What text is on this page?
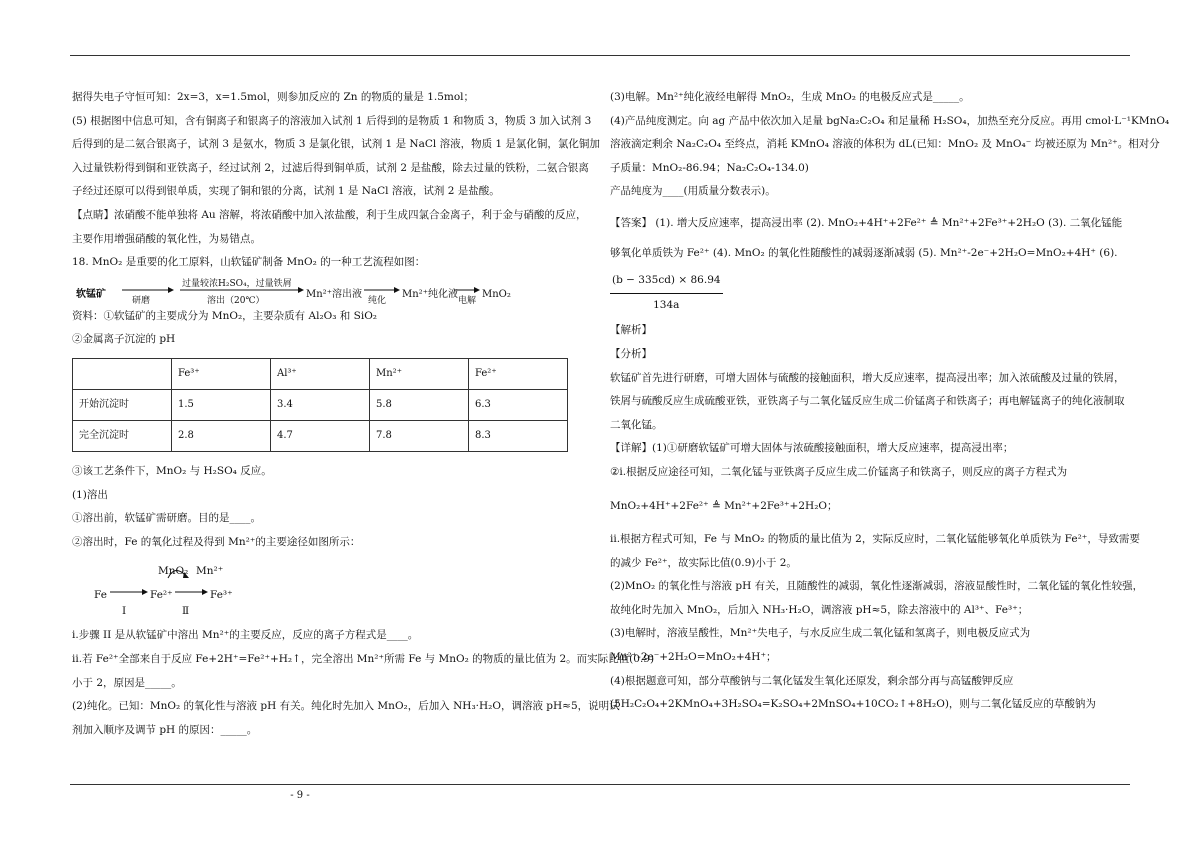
据得失电子守恒可知：2x=3，x=1.5mol，则参加反应的 Zn 的物质的量是 1.5mol；

(5) 根据图中信息可知，含有铜离子和银离子的溶液加入试剂 1 后得到的是物质 1 和物质 3，物质 3 加入试剂 3

后得到的是二氨合银离子，试剂 3 是氨水，物质 3 是氯化银，试剂 1 是 NaCl 溶液，物质 1 是氯化铜，氯化铜加

入过量铁粉得到铜和亚铁离子，经过试剂 2，过滤后得到铜单质，试剂 2 是盐酸，除去过量的铁粉，二氨合银离

子经过还原可以得到银单质，实现了铜和银的分离，试剂 1 是 NaCl 溶液，试剂 2 是盐酸。

【点睛】浓硝酸不能单独将 Au 溶解，将浓硝酸中加入浓盐酸，利于生成四氯合金离子，利于金与硝酸的反应，

主要作用增强硝酸的氧化性，为易错点。

18. MnO₂ 是重要的化工原料，山软锰矿制备 MnO₂ 的一种工艺流程如图：

软锰矿
研磨
过量较浓H₂SO₄，过量铁屑
溶出（20℃）
Mn²⁺溶出液
纯化
Mn²⁺纯化液
电解
MnO₂

资料：①软锰矿的主要成分为 MnO₂，主要杂质有 Al₂O₃ 和 SiO₂

②金属离子沉淀的 pH

	Fe³⁺	Al³⁺	Mn²⁺	Fe²⁺
开始沉淀时	1.5	3.4	5.8	6.3
完全沉淀时	2.8	4.7	7.8	8.3

③该工艺条件下，MnO₂ 与 H₂SO₄ 反应。

(1)溶出

①溶出前，软锰矿需研磨。目的是____。

②溶出时，Fe 的氧化过程及得到 Mn²⁺的主要途径如图所示：

Fe	Fe²⁺	Fe³⁺
MnO₂ Mn²⁺
Ⅰ	Ⅱ

i.步骤 II 是从软锰矿中溶出 Mn²⁺的主要反应，反应的离子方程式是____。

ii.若 Fe²⁺全部来自于反应 Fe+2H⁺=Fe²⁺+H₂↑，完全溶出 Mn²⁺所需 Fe 与 MnO₂ 的物质的量比值为 2。而实际比值(0.9)

小于 2，原因是_____。

(2)纯化。已知：MnO₂ 的氧化性与溶液 pH 有关。纯化时先加入 MnO₂，后加入 NH₃·H₂O，调溶液 pH≈5，说明试

剂加入顺序及调节 pH 的原因：_____。

(3)电解。Mn²⁺纯化液经电解得 MnO₂，生成 MnO₂ 的电极反应式是_____。

(4)产品纯度测定。向 ag 产品中依次加入足量 bgNa₂C₂O₄ 和足量稀 H₂SO₄，加热至充分反应。再用 cmol·L⁻¹KMnO₄

溶液滴定剩余 Na₂C₂O₄ 至终点，消耗 KMnO₄ 溶液的体积为 dL(已知：MnO₂ 及 MnO₄⁻ 均被还原为 Mn²⁺。相对分

子质量：MnO₂-86.94；Na₂C₂O₄-134.0)

产品纯度为____(用质量分数表示)。

【答案】 (1). 增大反应速率，提高浸出率 (2). MnO₂+4H⁺+2Fe²⁺ ≜ Mn²⁺+2Fe³⁺+2H₂O (3). 二氧化锰能

够氧化单质铁为 Fe²⁺ (4). MnO₂ 的氧化性随酸性的减弱逐渐减弱 (5). Mn²⁺-2e⁻+2H₂O=MnO₂+4H⁺ (6).

$\frac{(b - 335cd) \times 86.94}{134a}$

【解析】

【分析】

软锰矿首先进行研磨，可增大固体与硫酸的接触面积，增大反应速率，提高浸出率；加入浓硫酸及过量的铁屑，

铁屑与硫酸反应生成硫酸亚铁，亚铁离子与二氧化锰反应生成二价锰离子和铁离子；再电解锰离子的纯化液制取

二氧化锰。

【详解】(1)①研磨软锰矿可增大固体与浓硫酸接触面积，增大反应速率，提高浸出率；

②i.根据反应途径可知，二氧化锰与亚铁离子反应生成二价锰离子和铁离子，则反应的离子方程式为

MnO₂+4H⁺+2Fe²⁺ ≜ Mn²⁺+2Fe³⁺+2H₂O；

ii.根据方程式可知，Fe 与 MnO₂ 的物质的量比值为 2，实际反应时，二氧化锰能够氧化单质铁为 Fe²⁺，导致需要

的减少 Fe²⁺，故实际比值(0.9)小于 2。

(2)MnO₂ 的氧化性与溶液 pH 有关，且随酸性的减弱，氧化性逐渐减弱，溶液显酸性时，二氧化锰的氧化性较强，

故纯化时先加入 MnO₂，后加入 NH₃·H₂O，调溶液 pH≈5，除去溶液中的 Al³⁺、Fe³⁺；

(3)电解时，溶液呈酸性，Mn²⁺失电子，与水反应生成二氧化锰和氢离子，则电极反应式为

Mn²⁺-2e⁻+2H₂O=MnO₂+4H⁺；

(4)根据题意可知，部分草酸钠与二氧化锰发生氧化还原发，剩余部分再与高锰酸钾反应

(5H₂C₂O₄+2KMnO₄+3H₂SO₄=K₂SO₄+2MnSO₄+10CO₂↑+8H₂O)，则与二氧化锰反应的草酸钠为

- 9 -
